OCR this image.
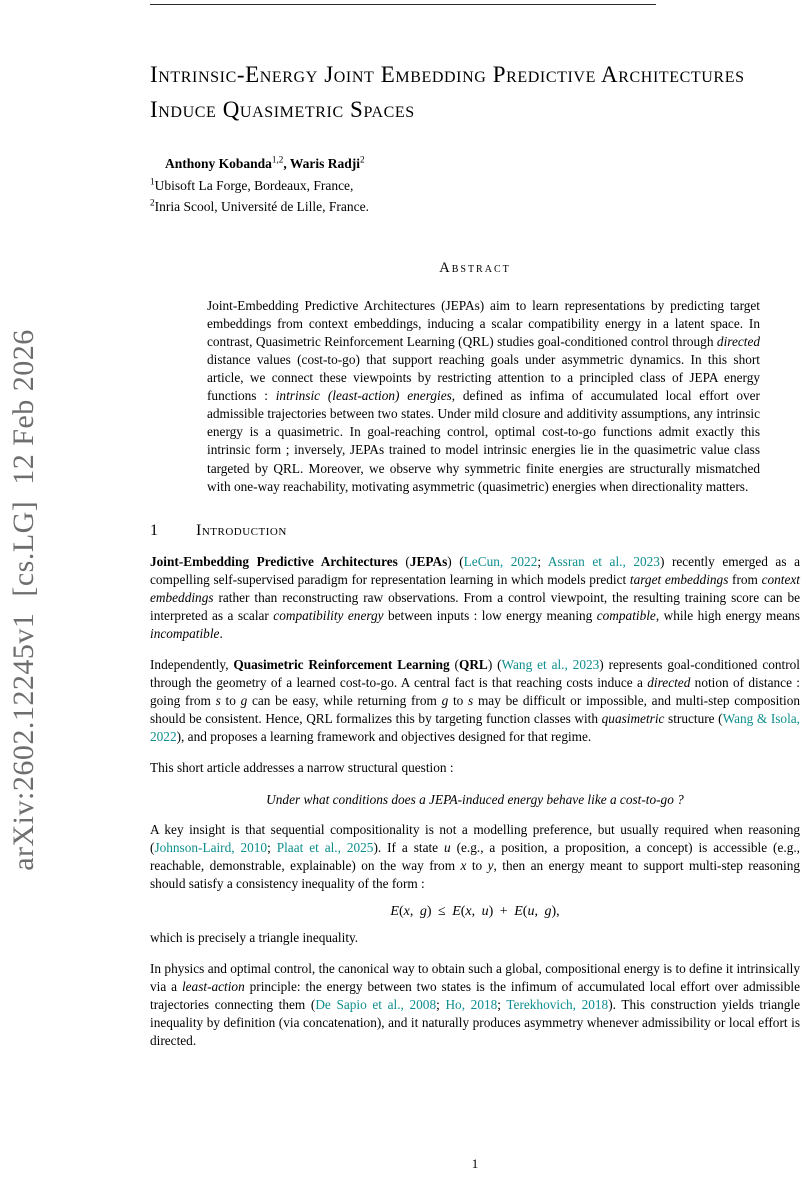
arXiv:2602.12245v1  [cs.LG]  12 Feb 2026
Intrinsic-Energy Joint Embedding Predictive Architectures Induce Quasimetric Spaces
Anthony Kobanda$^{1,2}$, Waris Radji$^2$
$^1$Ubisoft La Forge, Bordeaux, France,
$^2$Inria Scool, Université de Lille, France.
Abstract

Joint-Embedding Predictive Architectures (JEPAs) aim to learn representations by predicting target embeddings from context embeddings, inducing a scalar compatibility energy in a latent space. In contrast, Quasimetric Reinforcement Learning (QRL) studies goal-conditioned control through directed distance values (cost-to-go) that support reaching goals under asymmetric dynamics. In this short article, we connect these viewpoints by restricting attention to a principled class of JEPA energy functions : intrinsic (least-action) energies, defined as infima of accumulated local effort over admissible trajectories between two states. Under mild closure and additivity assumptions, any intrinsic energy is a quasimetric. In goal-reaching control, optimal cost-to-go functions admit exactly this intrinsic form ; inversely, JEPAs trained to model intrinsic energies lie in the quasimetric value class targeted by QRL. Moreover, we observe why symmetric finite energies are structurally mismatched with one-way reachability, motivating asymmetric (quasimetric) energies when directionality matters.

1 Introduction

Joint-Embedding Predictive Architectures (JEPAs) (LeCun, 2022; Assran et al., 2023) recently emerged as a compelling self-supervised paradigm for representation learning in which models predict target embeddings from context embeddings rather than reconstructing raw observations. From a control viewpoint, the resulting training score can be interpreted as a scalar compatibility energy between inputs : low energy meaning compatible, while high energy means incompatible.

Independently, Quasimetric Reinforcement Learning (QRL) (Wang et al., 2023) represents goal-conditioned control through the geometry of a learned cost-to-go. A central fact is that reaching costs induce a directed notion of distance : going from s to g can be easy, while returning from g to s may be difficult or impossible, and multi-step composition should be consistent. Hence, QRL formalizes this by targeting function classes with quasimetric structure (Wang & Isola, 2022), and proposes a learning framework and objectives designed for that regime.

This short article addresses a narrow structural question :

Under what conditions does a JEPA-induced energy behave like a cost-to-go ?

A key insight is that sequential compositionality is not a modelling preference, but usually required when reasoning (Johnson-Laird, 2010; Plaat et al., 2025). If a state u (e.g., a position, a proposition, a concept) is accessible (e.g., reachable, demonstrable, explainable) on the way from x to y, then an energy meant to support multi-step reasoning should satisfy a consistency inequality of the form :

E(x, g) ≤ E(x, u) + E(u, g),

which is precisely a triangle inequality.

In physics and optimal control, the canonical way to obtain such a global, compositional energy is to define it intrinsically via a least-action principle: the energy between two states is the infimum of accumulated local effort over admissible trajectories connecting them (De Sapio et al., 2008; Ho, 2018; Terekhovich, 2018). This construction yields triangle inequality by definition (via concatenation), and it naturally produces asymmetry whenever admissibility or local effort is directed.

1
